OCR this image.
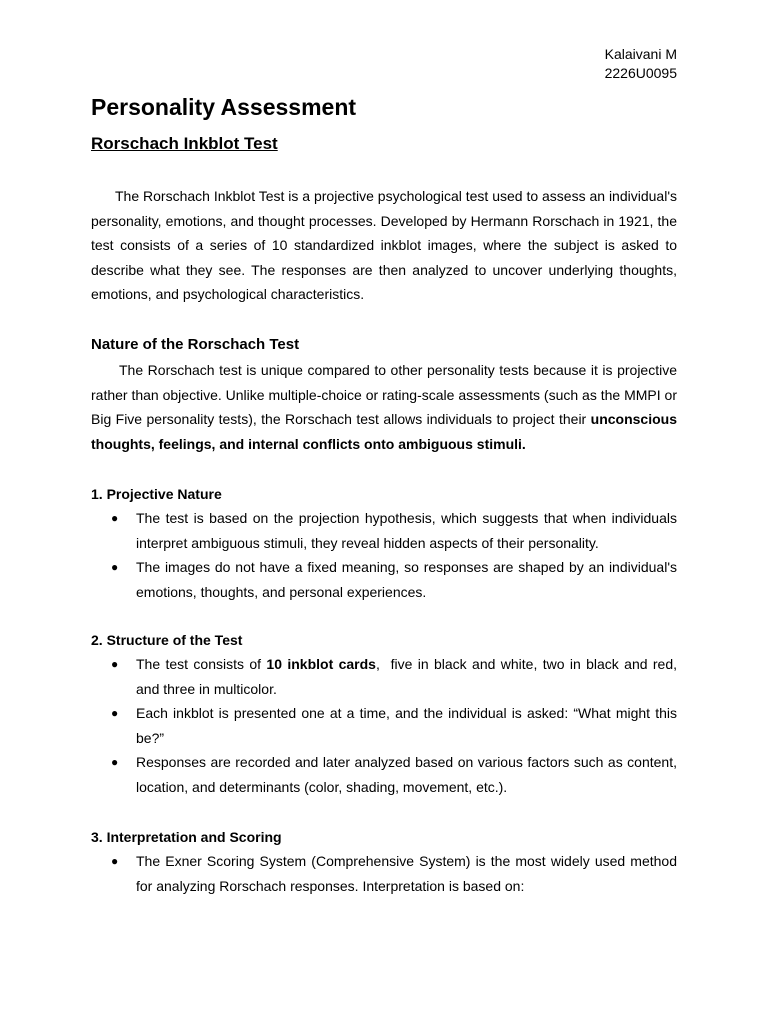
Kalaivani M
2226U0095
Personality Assessment
Rorschach Inkblot Test

The Rorschach Inkblot Test is a projective psychological test used to assess an individual's personality, emotions, and thought processes. Developed by Hermann Rorschach in 1921, the test consists of a series of 10 standardized inkblot images, where the subject is asked to describe what they see. The responses are then analyzed to uncover underlying thoughts, emotions, and psychological characteristics.

Nature of the Rorschach Test

The Rorschach test is unique compared to other personality tests because it is projective rather than objective. Unlike multiple-choice or rating-scale assessments (such as the MMPI or Big Five personality tests), the Rorschach test allows individuals to project their unconscious thoughts, feelings, and internal conflicts onto ambiguous stimuli.

1. Projective Nature
● The test is based on the projection hypothesis, which suggests that when individuals interpret ambiguous stimuli, they reveal hidden aspects of their personality.
● The images do not have a fixed meaning, so responses are shaped by an individual's emotions, thoughts, and personal experiences.
2. Structure of the Test
● The test consists of 10 inkblot cards,  five in black and white, two in black and red, and three in multicolor.
● Each inkblot is presented one at a time, and the individual is asked: “What might this be?”
● Responses are recorded and later analyzed based on various factors such as content, location, and determinants (color, shading, movement, etc.).
3. Interpretation and Scoring
● The Exner Scoring System (Comprehensive System) is the most widely used method for analyzing Rorschach responses. Interpretation is based on:
